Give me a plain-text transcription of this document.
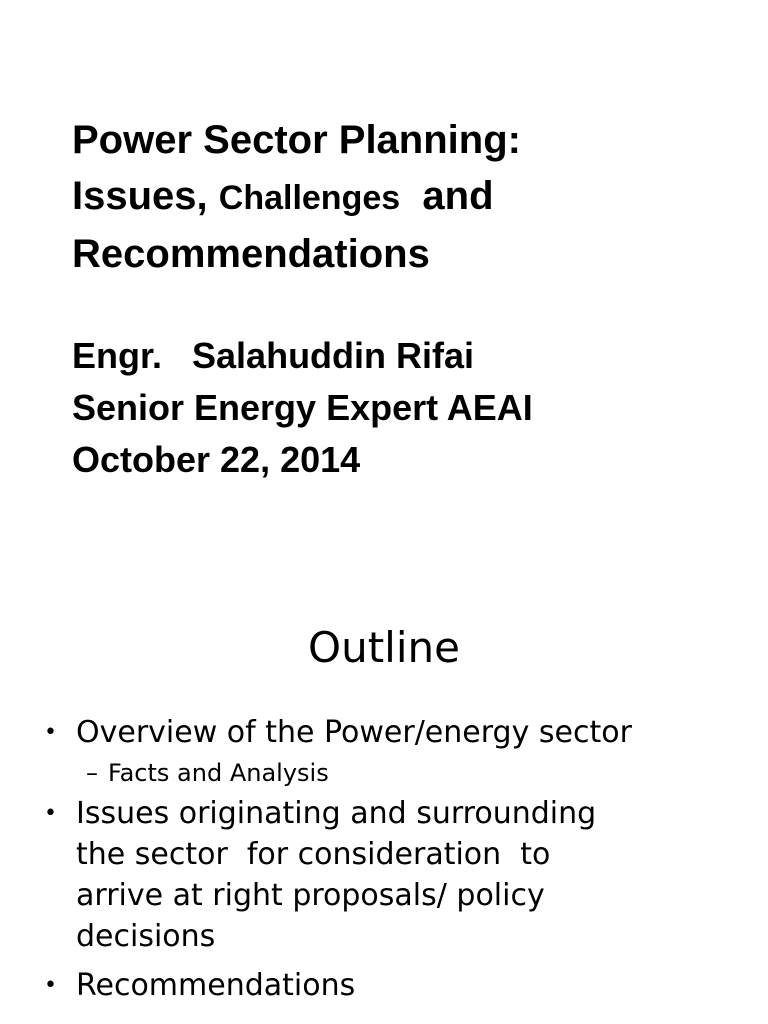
Power Sector Planning:
Issues, Challenges  and
Recommendations
Engr.   Salahuddin Rifai
Senior Energy Expert AEAI
October 22, 2014
Outline
• Overview of the Power/energy sector
– Facts and Analysis
• Issues originating and surrounding
the sector  for consideration  to
arrive at right proposals/ policy
decisions
• Recommendations
